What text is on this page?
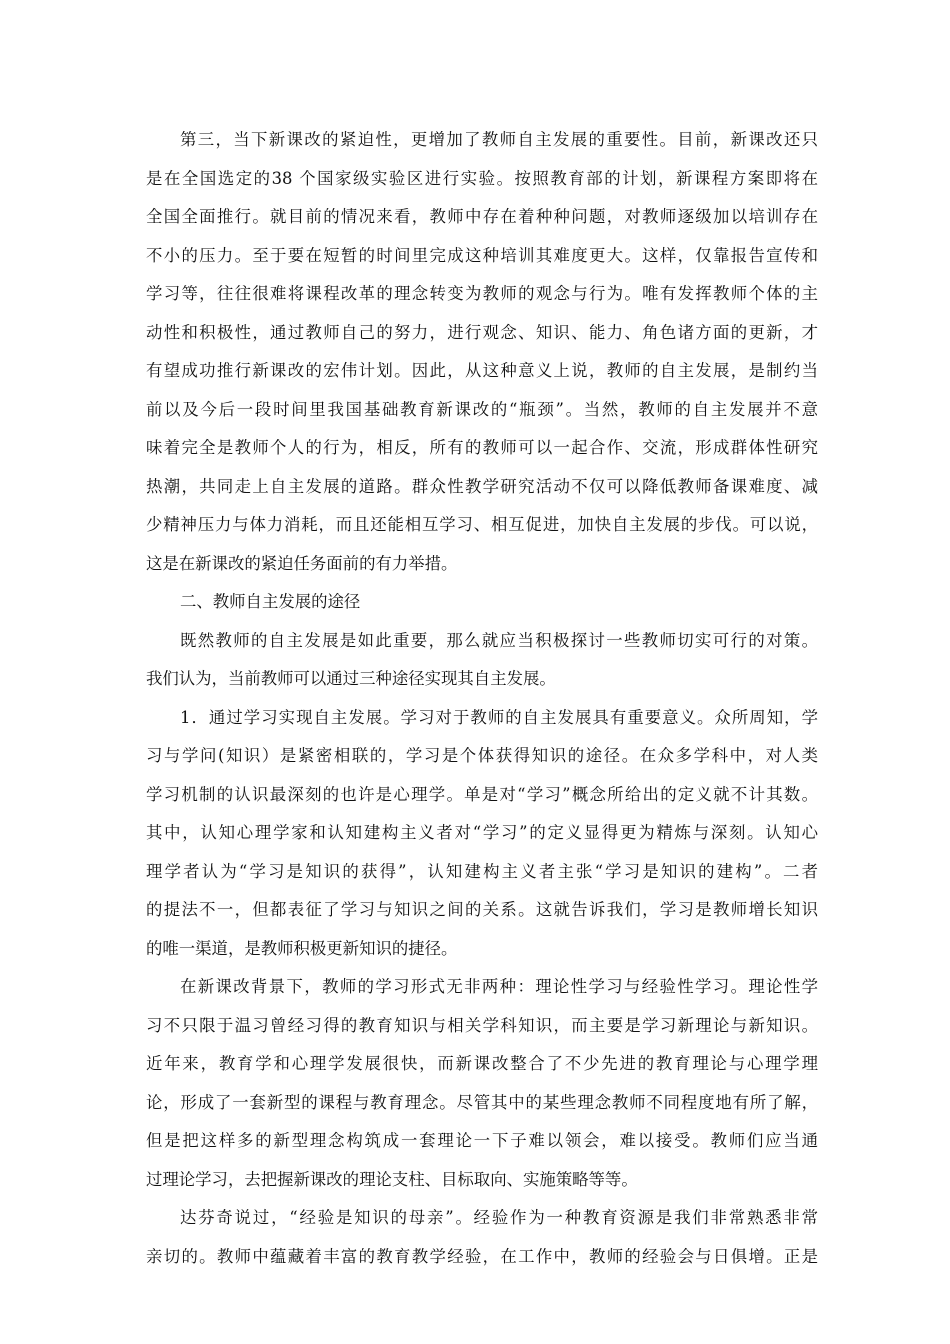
第三，当下新课改的紧迫性，更增加了教师自主发展的重要性。目前，新课改还只
是在全国选定的38 个国家级实验区进行实验。按照教育部的计划，新课程方案即将在
全国全面推行。就目前的情况来看，教师中存在着种种问题，对教师逐级加以培训存在
不小的压力。至于要在短暂的时间里完成这种培训其难度更大。这样，仅靠报告宣传和
学习等，往往很难将课程改革的理念转变为教师的观念与行为。唯有发挥教师个体的主
动性和积极性，通过教师自己的努力，进行观念、知识、能力、角色诸方面的更新，才
有望成功推行新课改的宏伟计划。因此，从这种意义上说，教师的自主发展，是制约当
前以及今后一段时间里我国基础教育新课改的“瓶颈”。当然，教师的自主发展并不意
味着完全是教师个人的行为，相反，所有的教师可以一起合作、交流，形成群体性研究
热潮，共同走上自主发展的道路。群众性教学研究活动不仅可以降低教师备课难度、减
少精神压力与体力消耗，而且还能相互学习、相互促进，加快自主发展的步伐。可以说，
这是在新课改的紧迫任务面前的有力举措。
二、教师自主发展的途径
既然教师的自主发展是如此重要，那么就应当积极探讨一些教师切实可行的对策。
我们认为，当前教师可以通过三种途径实现其自主发展。
1．通过学习实现自主发展。学习对于教师的自主发展具有重要意义。众所周知，学
习与学问(知识）是紧密相联的，学习是个体获得知识的途径。在众多学科中，对人类
学习机制的认识最深刻的也许是心理学。单是对“学习”概念所给出的定义就不计其数。
其中，认知心理学家和认知建构主义者对“学习”的定义显得更为精炼与深刻。认知心
理学者认为“学习是知识的获得”，认知建构主义者主张“学习是知识的建构”。二者
的提法不一，但都表征了学习与知识之间的关系。这就告诉我们，学习是教师增长知识
的唯一渠道，是教师积极更新知识的捷径。
在新课改背景下，教师的学习形式无非两种：理论性学习与经验性学习。理论性学
习不只限于温习曾经习得的教育知识与相关学科知识，而主要是学习新理论与新知识。
近年来，教育学和心理学发展很快，而新课改整合了不少先进的教育理论与心理学理
论，形成了一套新型的课程与教育理念。尽管其中的某些理念教师不同程度地有所了解，
但是把这样多的新型理念构筑成一套理论一下子难以领会，难以接受。教师们应当通
过理论学习，去把握新课改的理论支柱、目标取向、实施策略等等。
达芬奇说过，“经验是知识的母亲”。经验作为一种教育资源是我们非常熟悉非常
亲切的。教师中蕴藏着丰富的教育教学经验，在工作中，教师的经验会与日俱增。正是
